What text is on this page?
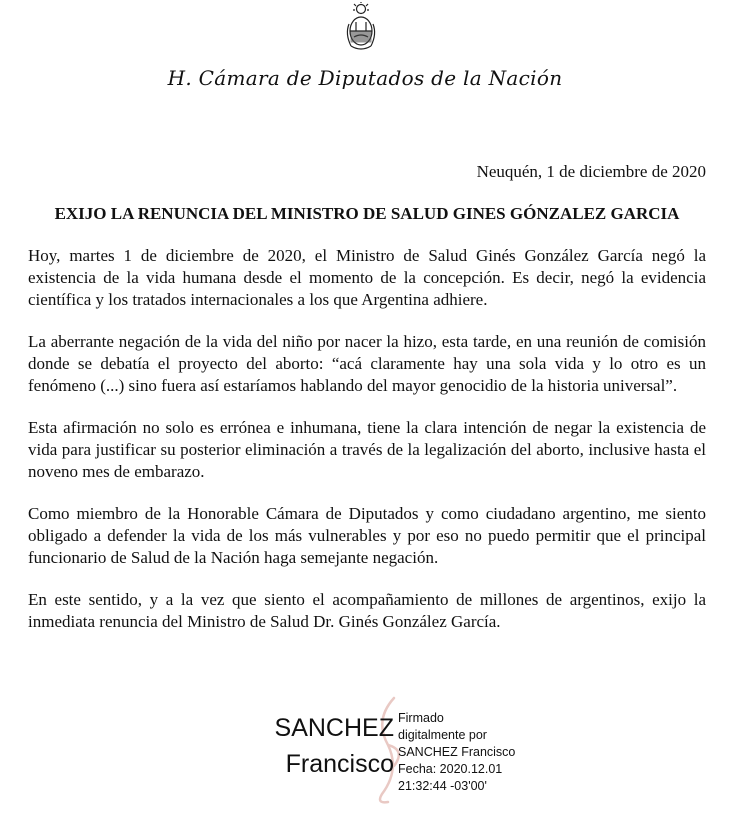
H. Cámara de Diputados de la Nación
Neuquén, 1 de diciembre de 2020
EXIJO LA RENUNCIA DEL MINISTRO DE SALUD GINES GÓNZALEZ GARCIA

Hoy, martes 1 de diciembre de 2020, el Ministro de Salud Ginés González García negó la existencia de la vida humana desde el momento de la concepción. Es decir, negó la evidencia científica y los tratados internacionales a los que Argentina adhiere.

La aberrante negación de la vida del niño por nacer la hizo, esta tarde, en una reunión de comisión donde se debatía el proyecto del aborto: “acá claramente hay una sola vida y lo otro es un fenómeno (...) sino fuera así estaríamos hablando del mayor genocidio de la historia universal”.

Esta afirmación no solo es errónea e inhumana, tiene la clara intención de negar la existencia de vida para justificar su posterior eliminación a través de la legalización del aborto, inclusive hasta el noveno mes de embarazo.

Como miembro de la Honorable Cámara de Diputados y como ciudadano argentino, me siento obligado a defender la vida de los más vulnerables y por eso no puedo permitir que el principal funcionario de Salud de la Nación haga semejante negación.

En este sentido, y a la vez que siento el acompañamiento de millones de argentinos, exijo la inmediata renuncia del Ministro de Salud Dr. Ginés González García.

SANCHEZ
Francisco
Firmado
digitalmente por
SANCHEZ Francisco
Fecha: 2020.12.01
21:32:44 -03'00'
